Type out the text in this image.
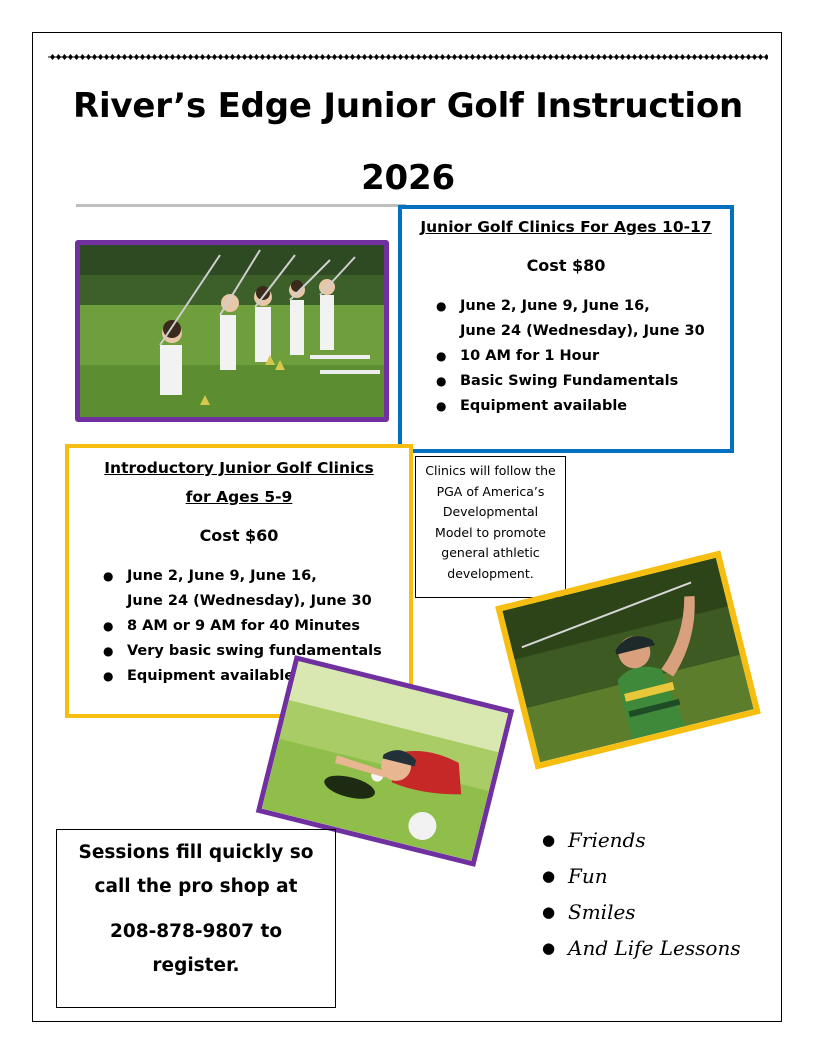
River’s Edge Junior Golf Instruction
2026
Junior Golf Clinics For Ages 10-17
Cost $80
● June 2, June 9, June 16,
June 24 (Wednesday), June 30
● 10 AM for 1 Hour
● Basic Swing Fundamentals
● Equipment available
Introductory Junior Golf Clinics
for Ages 5-9
Cost $60
● June 2, June 9, June 16,
June 24 (Wednesday), June 30
● 8 AM or 9 AM for 40 Minutes
● Very basic swing fundamentals
● Equipment available
Clinics will follow the
PGA of America’s
Developmental
Model to promote
general athletic
development.

Sessions fill quickly so

call the pro shop at

208-878-9807 to

register.

● Friends
● Fun
● Smiles
● And Life Lessons
